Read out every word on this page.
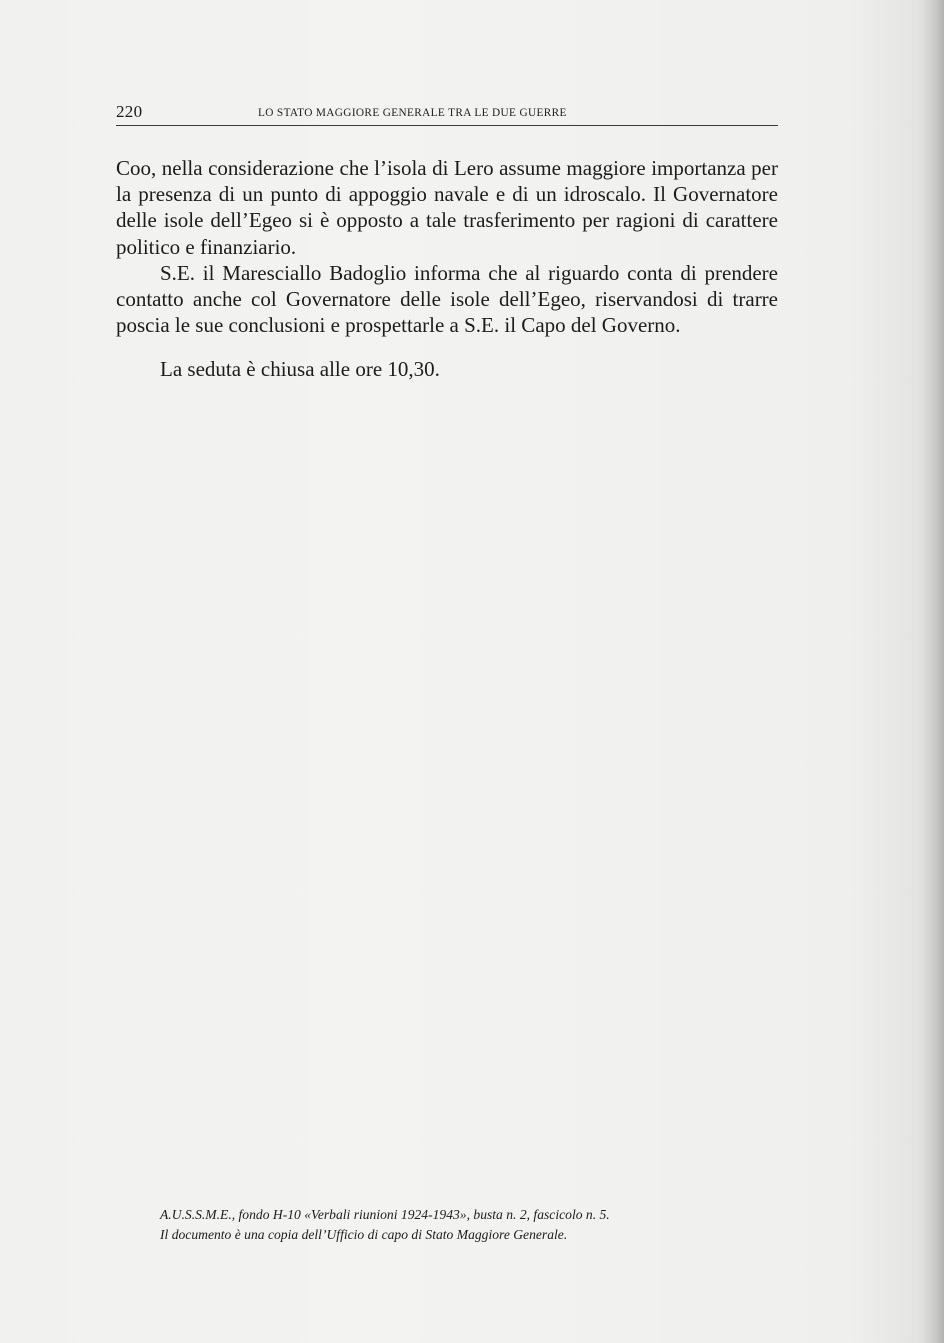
220	LO STATO MAGGIORE GENERALE TRA LE DUE GUERRE

Coo, nella considerazione che l’isola di Lero assume maggiore importanza per la presenza di un punto di appoggio navale e di un idroscalo. Il Governatore delle isole dell’Egeo si è opposto a tale trasferimento per ragioni di carattere politico e finanziario.

S.E. il Maresciallo Badoglio informa che al riguardo conta di prendere contatto anche col Governatore delle isole dell’Egeo, riservandosi di trarre poscia le sue conclusioni e prospettarle a S.E. il Capo del Governo.

La seduta è chiusa alle ore 10,30.

A.U.S.S.M.E., fondo H-10 «Verbali riunioni 1924-1943», busta n. 2, fascicolo n. 5.
Il documento è una copia dell’Ufficio di capo di Stato Maggiore Generale.
